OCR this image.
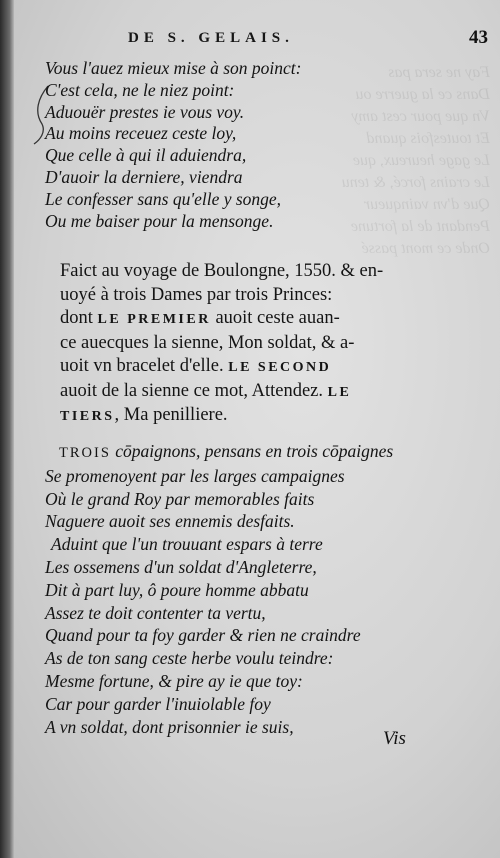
Fay ne sera pas
Dans ce la guerre ou
Vn que pour cest amy
Et toutesfois quand
Le gage heureux, que
Le crains forcé, & tenu
Que d'vn vainqueur
Pendant de la fortune
Onde ce mont passé

DE S. GELAIS.	43
Vous l'auez mieux mise à son poinct:
C'est cela, ne le niez point:
Aduouër prestes ie vous voy.
Au moins receuez ceste loy,
Que celle à qui il aduiendra,
D'auoir la derniere, viendra
Le confesser sans qu'elle y songe,
Ou me baiser pour la mensonge.
Faict au voyage de Boulongne, 1550. & en-
uoyé à trois Dames par trois Princes:
dont LE PREMIER auoit ceste auan-
ce auecques la sienne, Mon soldat, & a-
uoit vn bracelet d'elle. LE SECOND
auoit de la sienne ce mot, Attendez. LE
TIERS, Ma penilliere.
TROIS cōpaignons, pensans en trois cōpaignes
Se promenoyent par les larges campaignes
Où le grand Roy par memorables faits
Naguere auoit ses ennemis desfaits.
Aduint que l'un trouuant espars à terre
Les ossemens d'un soldat d'Angleterre,
Dit à part luy, ô poure homme abbatu
Assez te doit contenter ta vertu,
Quand pour ta foy garder & rien ne craindre
As de ton sang ceste herbe voulu teindre:
Mesme fortune, & pire ay ie que toy:
Car pour garder l'inuiolable foy
A vn soldat, dont prisonnier ie suis,
Vis
